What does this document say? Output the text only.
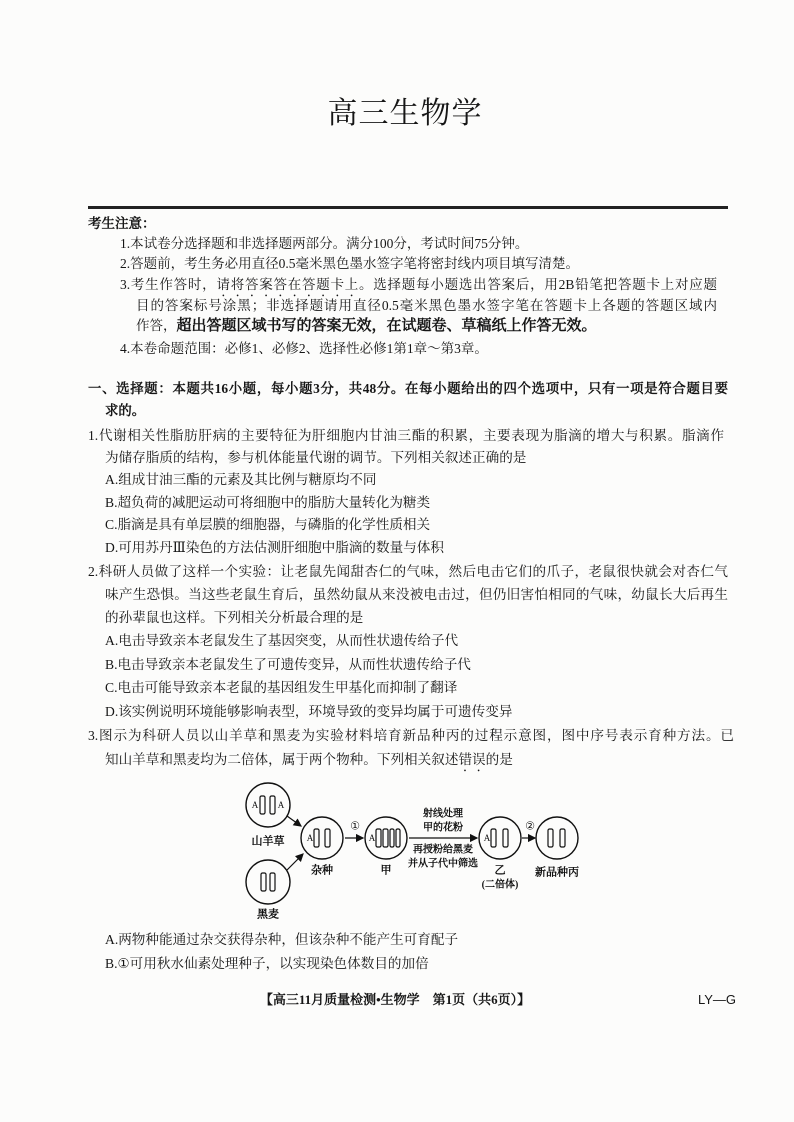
高三生物学
考生注意：
1.本试卷分选择题和非选择题两部分。满分100分，考试时间75分钟。
2.答题前，考生务必用直径0.5毫米黑色墨水签字笔将密封线内项目填写清楚。
3.考生作答时，请将答案答在答题卡上。选择题每小题选出答案后，用2B铅笔把答题卡上对应题
目的答案标号涂黑；非选择题请用直径0.5毫米黑色墨水签字笔在答题卡上各题的答题区域内
作答，超出答题区域书写的答案无效，在试题卷、草稿纸上作答无效。
4.本卷命题范围：必修1、必修2、选择性必修1第1章～第3章。
一、选择题：本题共16小题，每小题3分，共48分。在每小题给出的四个选项中，只有一项是符合题目要
求的。
1.代谢相关性脂肪肝病的主要特征为肝细胞内甘油三酯的积累，主要表现为脂滴的增大与积累。脂滴作
为储存脂质的结构，参与机体能量代谢的调节。下列相关叙述正确的是
A.组成甘油三酯的元素及其比例与糖原均不同
B.超负荷的减肥运动可将细胞中的脂肪大量转化为糖类
C.脂滴是具有单层膜的细胞器，与磷脂的化学性质相关
D.可用苏丹Ⅲ染色的方法估测肝细胞中脂滴的数量与体积
2.科研人员做了这样一个实验：让老鼠先闻甜杏仁的气味，然后电击它们的爪子，老鼠很快就会对杏仁气
味产生恐惧。当这些老鼠生育后，虽然幼鼠从来没被电击过，但仍旧害怕相同的气味，幼鼠长大后再生
的孙辈鼠也这样。下列相关分析最合理的是
A.电击导致亲本老鼠发生了基因突变，从而性状遗传给子代
B.电击导致亲本老鼠发生了可遗传变异，从而性状遗传给子代
C.电击可能导致亲本老鼠的基因组发生甲基化而抑制了翻译
D.该实例说明环境能够影响表型，环境导致的变异均属于可遗传变异
3.图示为科研人员以山羊草和黑麦为实验材料培育新品种丙的过程示意图，图中序号表示育种方法。已
知山羊草和黑麦均为二倍体，属于两个物种。下列相关叙述错误的是
A A
山羊草
黑麦
A
杂种
①
A
甲
射线处理
甲的花粉
再授粉给黑麦
并从子代中筛选
A
乙
(二倍体)
②
新品种丙
A.两物种能通过杂交获得杂种，但该杂种不能产生可育配子
B.①可用秋水仙素处理种子，以实现染色体数目的加倍
【高三11月质量检测•生物学　第1页（共6页）】	LY—G
